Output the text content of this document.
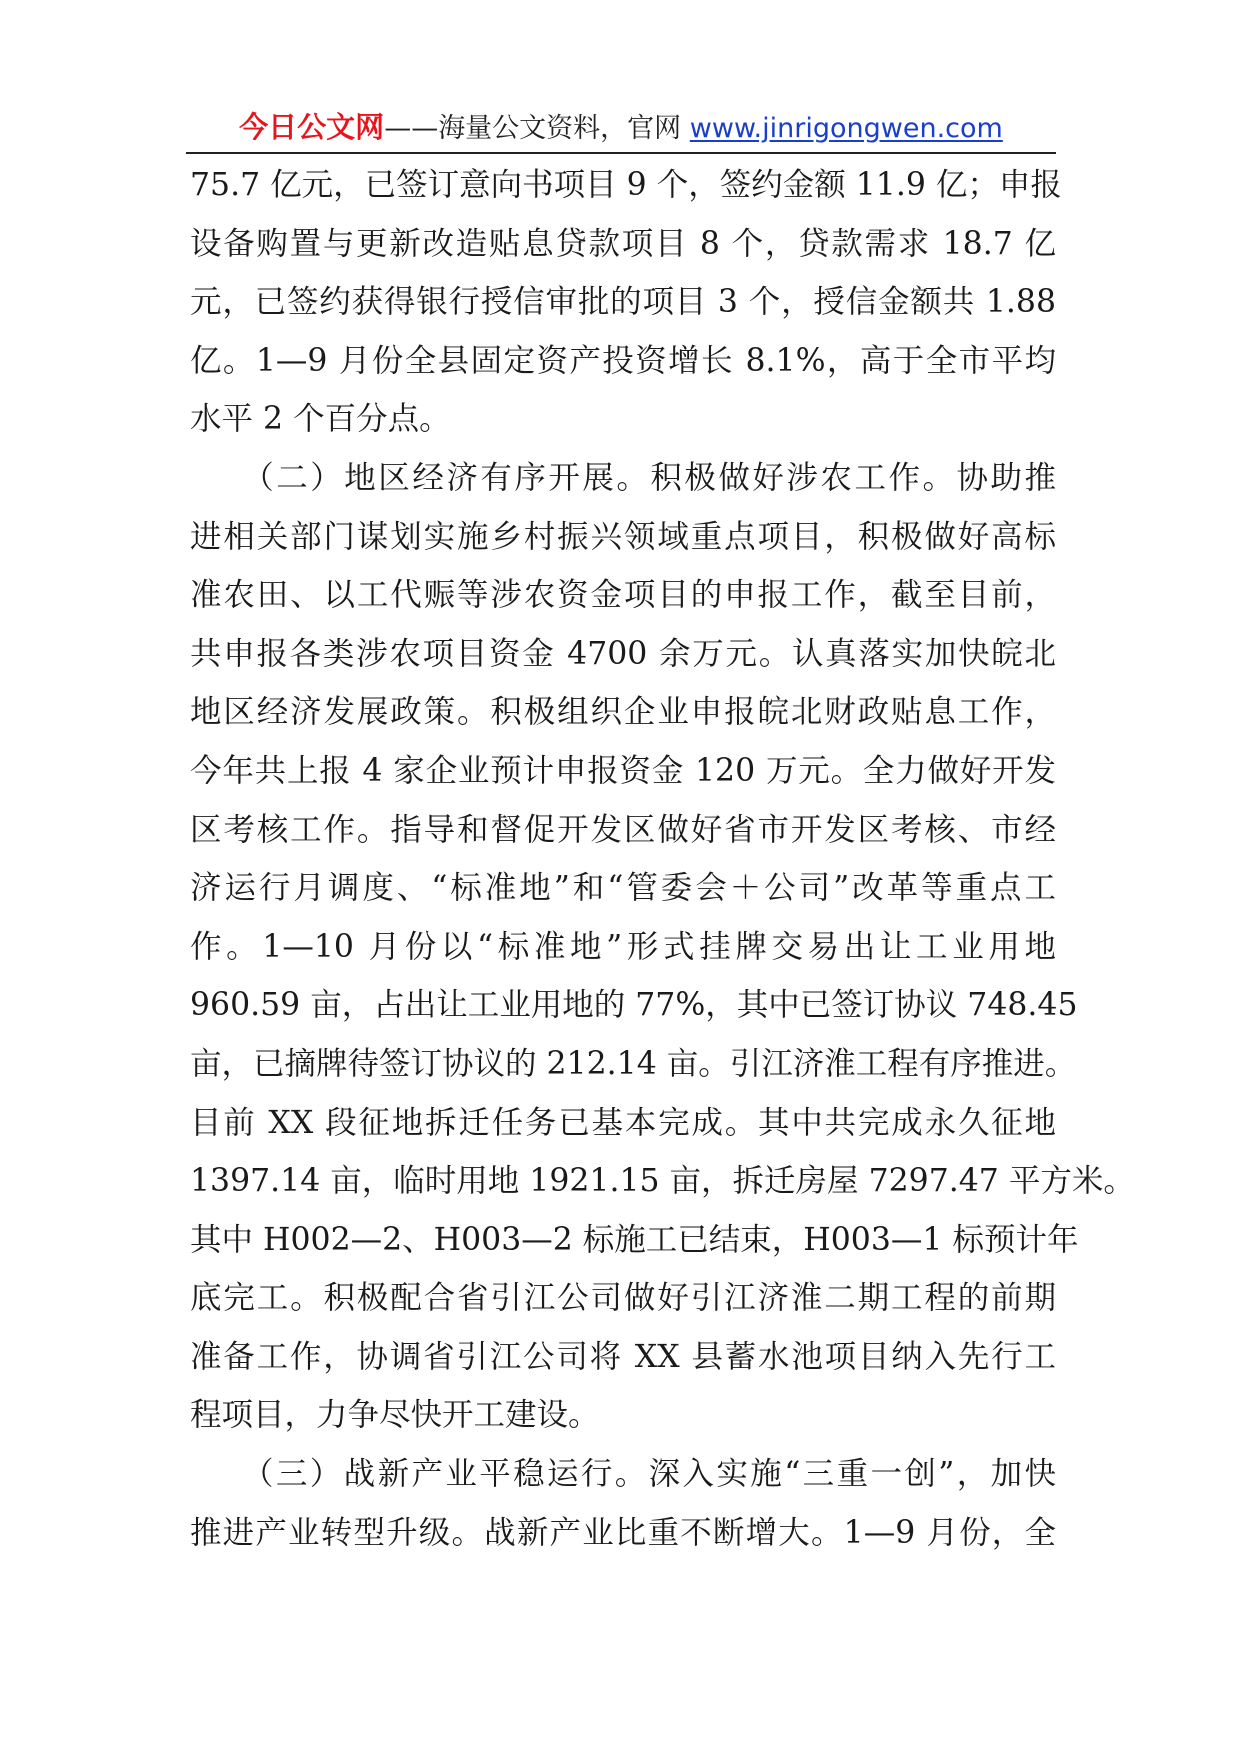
今日公文网——海量公文资料，官网 www.jinrigongwen.com
75.7 亿元，已签订意向书项目 9 个，签约金额 11.9 亿；申报
设备购置与更新改造贴息贷款项目 8 个，贷款需求 18.7 亿
元，已签约获得银行授信审批的项目 3 个，授信金额共 1.88
亿。1—9 月份全县固定资产投资增长 8.1%，高于全市平均
水平 2 个百分点。
　　（二）地区经济有序开展。积极做好涉农工作。协助推
进相关部门谋划实施乡村振兴领域重点项目，积极做好高标
准农田、以工代赈等涉农资金项目的申报工作，截至目前，
共申报各类涉农项目资金 4700 余万元。认真落实加快皖北
地区经济发展政策。积极组织企业申报皖北财政贴息工作，
今年共上报 4 家企业预计申报资金 120 万元。全力做好开发
区考核工作。指导和督促开发区做好省市开发区考核、市经
济运行月调度、“标准地”和“管委会＋公司”改革等重点工
作。1—10 月份以“标准地”形式挂牌交易出让工业用地
960.59 亩，占出让工业用地的 77%，其中已签订协议 748.45
亩，已摘牌待签订协议的 212.14 亩。引江济淮工程有序推进。
目前 XX 段征地拆迁任务已基本完成。其中共完成永久征地
1397.14 亩，临时用地 1921.15 亩，拆迁房屋 7297.47 平方米。
其中 H002—2、H003—2 标施工已结束，H003—1 标预计年
底完工。积极配合省引江公司做好引江济淮二期工程的前期
准备工作，协调省引江公司将 XX 县蓄水池项目纳入先行工
程项目，力争尽快开工建设。
　　（三）战新产业平稳运行。深入实施“三重一创”，加快
推进产业转型升级。战新产业比重不断增大。1—9 月份，全
